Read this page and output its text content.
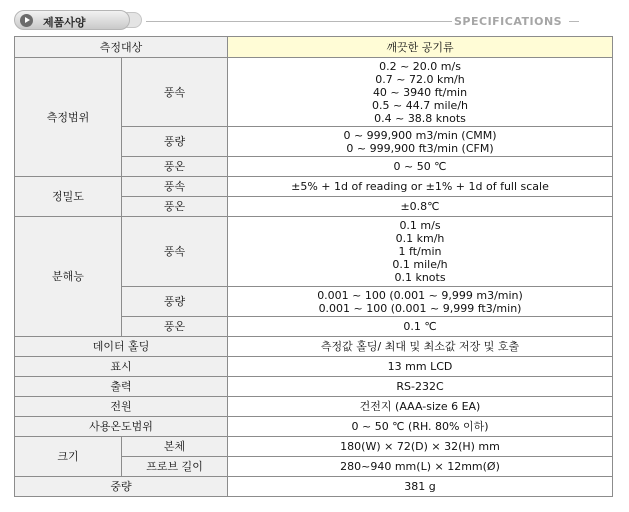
제품사양	SPECIFICATIONS
측정대상		깨끗한 공기류
측정범위	풍속	0.2 ~ 20.0 m/s
0.7 ~ 72.0 km/h
40 ~ 3940 ft/min
0.5 ~ 44.7 mile/h
0.4 ~ 38.8 knots

	풍량	0 ~ 999,900 m3/min (CMM)
0 ~ 999,900 ft3/min (CFM)

	풍온	0 ~ 50 ℃
정밀도	풍속	±5% + 1d of reading or ±1% + 1d of full scale
	풍온	±0.8℃
분해능	풍속	0.1 m/s
0.1 km/h
1 ft/min
0.1 mile/h
0.1 knots

	풍량	0.001 ~ 100 (0.001 ~ 9,999 m3/min)
0.001 ~ 100 (0.001 ~ 9,999 ft3/min)

	풍온	0.1 ℃
데이터 홀딩		측정값 홀딩/ 최대 및 최소값 저장 및 호출
표시		13 mm LCD
출력		RS-232C
전원		건전지 (AAA-size 6 EA)
사용온도범위		0 ~ 50 ℃ (RH. 80% 이하)
크기	본체	180(W) × 72(D) × 32(H) mm
	프로브 길이	280~940 mm(L) × 12mm(Ø)
중량		381 g
